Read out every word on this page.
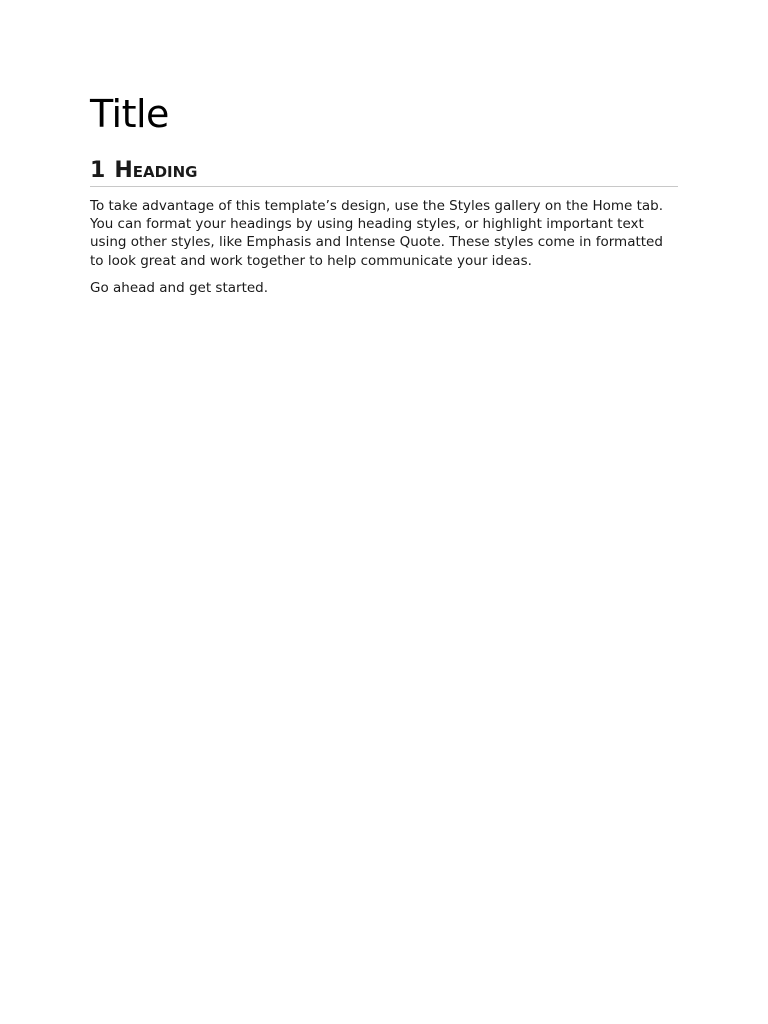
Title
1 Heading

To take advantage of this template’s design, use the Styles gallery on the Home tab. You can format your headings by using heading styles, or highlight important text using other styles, like Emphasis and Intense Quote. These styles come in formatted to look great and work together to help communicate your ideas.

Go ahead and get started.
